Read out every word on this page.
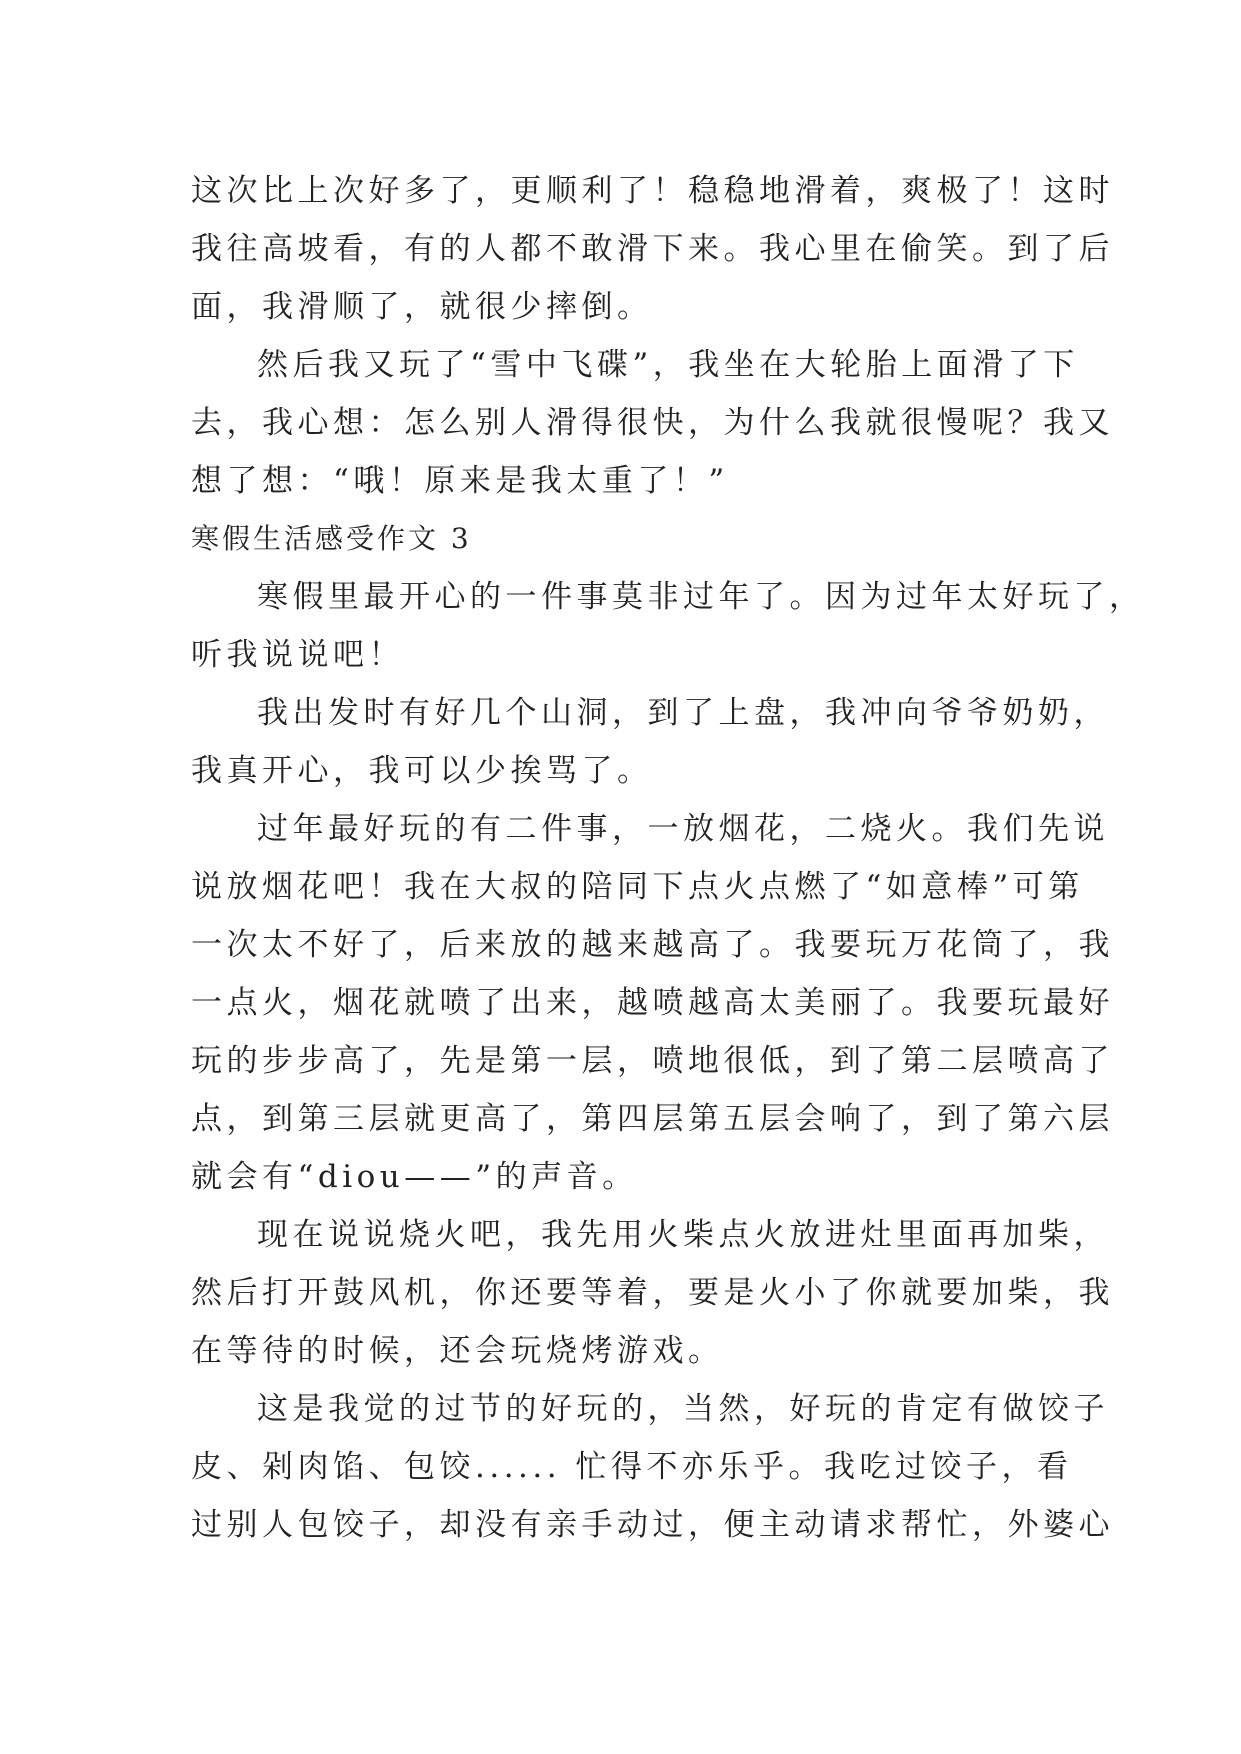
这次比上次好多了，更顺利了！稳稳地滑着，爽极了！这时
我往高坡看，有的人都不敢滑下来。我心里在偷笑。到了后
面，我滑顺了，就很少摔倒。
然后我又玩了“雪中飞碟”，我坐在大轮胎上面滑了下
去，我心想：怎么别人滑得很快，为什么我就很慢呢？我又
想了想：“哦！原来是我太重了！”
寒假生活感受作文 3
寒假里最开心的一件事莫非过年了。因为过年太好玩了，
听我说说吧！
我出发时有好几个山洞，到了上盘，我冲向爷爷奶奶，
我真开心，我可以少挨骂了。
过年最好玩的有二件事，一放烟花，二烧火。我们先说
说放烟花吧！我在大叔的陪同下点火点燃了“如意棒”可第
一次太不好了，后来放的越来越高了。我要玩万花筒了，我
一点火，烟花就喷了出来，越喷越高太美丽了。我要玩最好
玩的步步高了，先是第一层，喷地很低，到了第二层喷高了
点，到第三层就更高了，第四层第五层会响了，到了第六层
就会有“diou——”的声音。
现在说说烧火吧，我先用火柴点火放进灶里面再加柴，
然后打开鼓风机，你还要等着，要是火小了你就要加柴，我
在等待的时候，还会玩烧烤游戏。
这是我觉的过节的好玩的，当然，好玩的肯定有做饺子
皮、剁肉馅、包饺...... 忙得不亦乐乎。我吃过饺子，看
过别人包饺子，却没有亲手动过，便主动请求帮忙，外婆心
